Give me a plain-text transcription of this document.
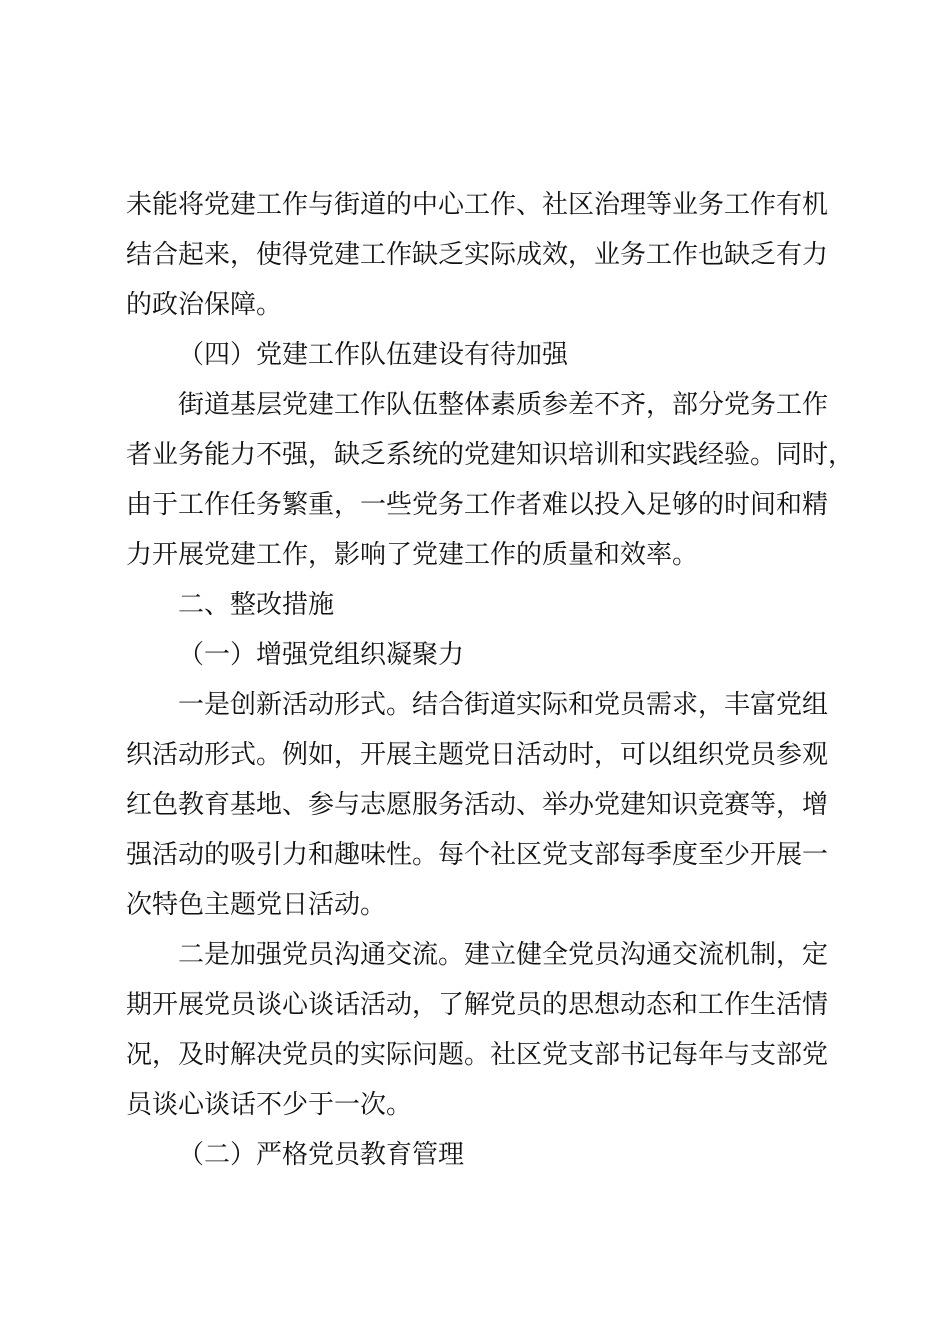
未能将党建工作与街道的中心工作、社区治理等业务工作有机
结合起来，使得党建工作缺乏实际成效，业务工作也缺乏有力
的政治保障。
（四）党建工作队伍建设有待加强
街道基层党建工作队伍整体素质参差不齐，部分党务工作
者业务能力不强，缺乏系统的党建知识培训和实践经验。同时，
由于工作任务繁重，一些党务工作者难以投入足够的时间和精
力开展党建工作，影响了党建工作的质量和效率。
二、整改措施
（一）增强党组织凝聚力
一是创新活动形式。结合街道实际和党员需求，丰富党组
织活动形式。例如，开展主题党日活动时，可以组织党员参观
红色教育基地、参与志愿服务活动、举办党建知识竞赛等，增
强活动的吸引力和趣味性。每个社区党支部每季度至少开展一
次特色主题党日活动。
二是加强党员沟通交流。建立健全党员沟通交流机制，定
期开展党员谈心谈话活动，了解党员的思想动态和工作生活情
况，及时解决党员的实际问题。社区党支部书记每年与支部党
员谈心谈话不少于一次。
（二）严格党员教育管理
